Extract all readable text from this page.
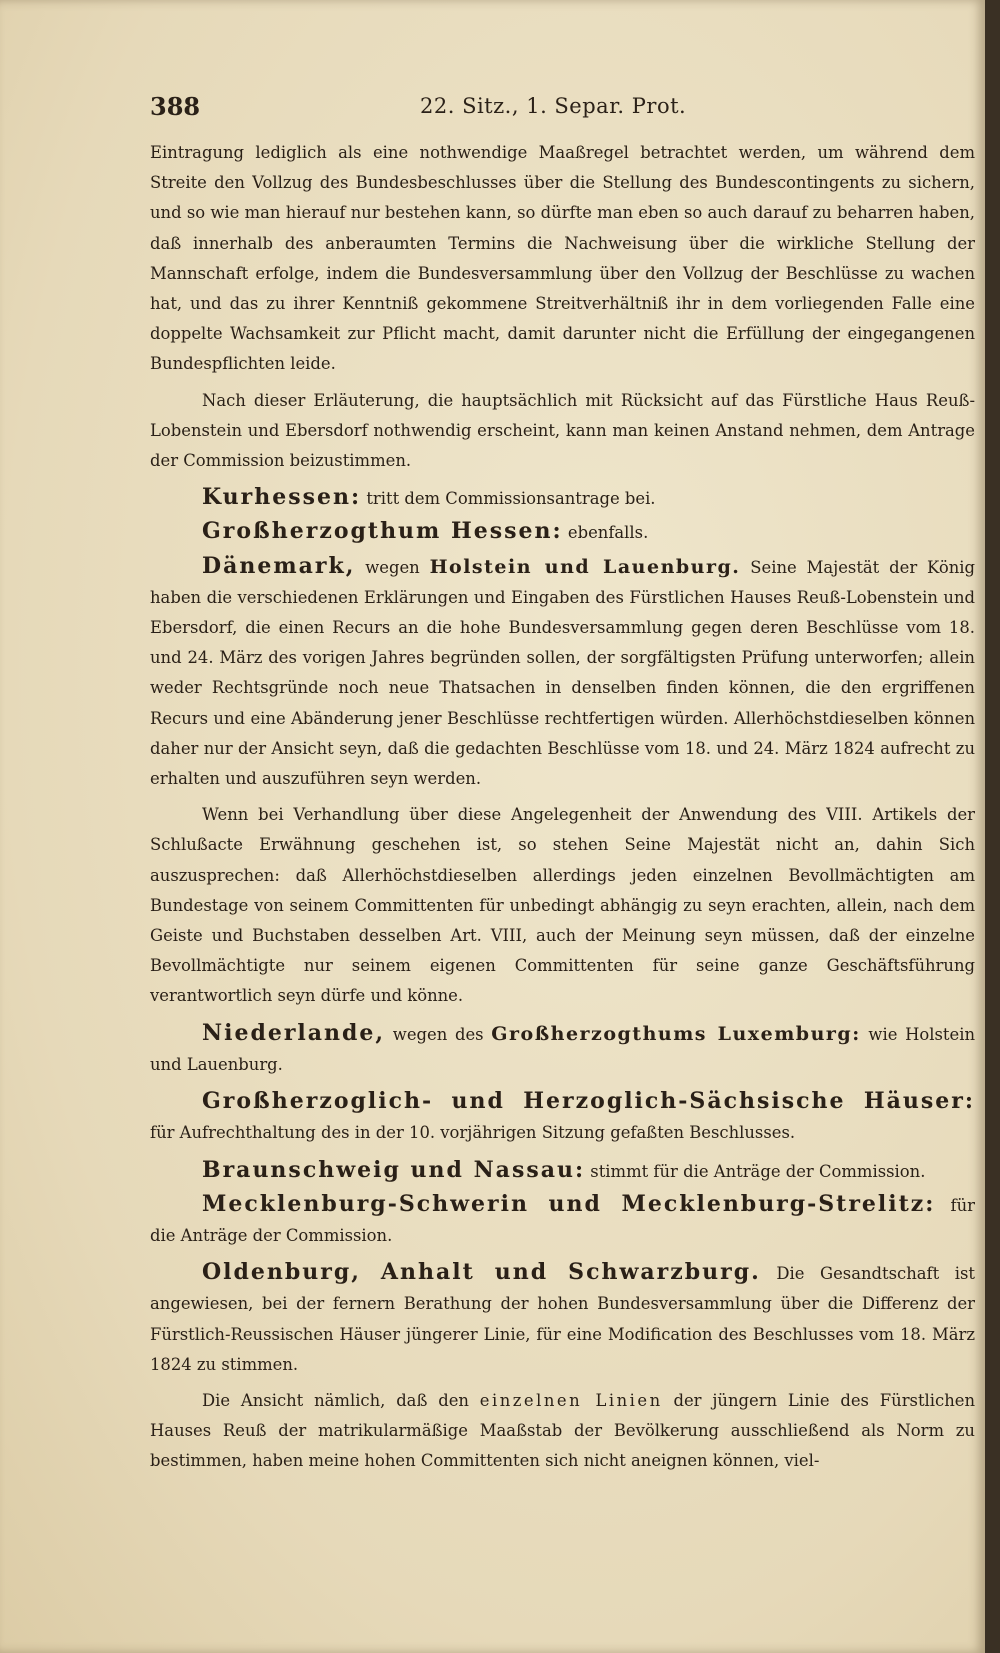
388	22. Sitz., 1. Separ. Prot.

Eintragung lediglich als eine nothwendige Maaßregel betrachtet werden, um während dem Streite den Vollzug des Bundesbeschlusses über die Stellung des Bundescontingents zu sichern, und so wie man hierauf nur bestehen kann, so dürfte man eben so auch darauf zu beharren haben, daß innerhalb des anberaumten Termins die Nachweisung über die wirkliche Stellung der Mannschaft erfolge, indem die Bundesversammlung über den Vollzug der Beschlüsse zu wachen hat, und das zu ihrer Kenntniß gekommene Streitverhältniß ihr in dem vorliegenden Falle eine doppelte Wachsamkeit zur Pflicht macht, damit darunter nicht die Erfüllung der eingegangenen Bundespflichten leide.

Nach dieser Erläuterung, die hauptsächlich mit Rücksicht auf das Fürstliche Haus Reuß-Lobenstein und Ebersdorf nothwendig erscheint, kann man keinen Anstand nehmen, dem Antrage der Commission beizustimmen.

Kurhessen: tritt dem Commissionsantrage bei.

Großherzogthum Hessen: ebenfalls.

Dänemark, wegen Holstein und Lauenburg. Seine Majestät der König haben die verschiedenen Erklärungen und Eingaben des Fürstlichen Hauses Reuß-Lobenstein und Ebersdorf, die einen Recurs an die hohe Bundesversammlung gegen deren Beschlüsse vom 18. und 24. März des vorigen Jahres begründen sollen, der sorgfältigsten Prüfung unterworfen; allein weder Rechtsgründe noch neue Thatsachen in denselben finden können, die den ergriffenen Recurs und eine Abänderung jener Beschlüsse rechtfertigen würden. Allerhöchstdieselben können daher nur der Ansicht seyn, daß die gedachten Beschlüsse vom 18. und 24. März 1824 aufrecht zu erhalten und auszuführen seyn werden.

Wenn bei Verhandlung über diese Angelegenheit der Anwendung des VIII. Artikels der Schlußacte Erwähnung geschehen ist, so stehen Seine Majestät nicht an, dahin Sich auszusprechen: daß Allerhöchstdieselben allerdings jeden einzelnen Bevollmächtigten am Bundestage von seinem Committenten für unbedingt abhängig zu seyn erachten, allein, nach dem Geiste und Buchstaben desselben Art. VIII, auch der Meinung seyn müssen, daß der einzelne Bevollmächtigte nur seinem eigenen Committenten für seine ganze Geschäftsführung verantwortlich seyn dürfe und könne.

Niederlande, wegen des Großherzogthums Luxemburg: wie Holstein und Lauenburg.

Großherzoglich- und Herzoglich-Sächsische Häuser: für Aufrechthaltung des in der 10. vorjährigen Sitzung gefaßten Beschlusses.

Braunschweig und Nassau: stimmt für die Anträge der Commission.

Mecklenburg-Schwerin und Mecklenburg-Strelitz: für die Anträge der Commission.

Oldenburg, Anhalt und Schwarzburg. Die Gesandtschaft ist angewiesen, bei der fernern Berathung der hohen Bundesversammlung über die Differenz der Fürstlich-Reussischen Häuser jüngerer Linie, für eine Modification des Beschlusses vom 18. März 1824 zu stimmen.

Die Ansicht nämlich, daß den einzelnen Linien der jüngern Linie des Fürstlichen Hauses Reuß der matrikularmäßige Maaßstab der Bevölkerung ausschließend als Norm zu bestimmen, haben meine hohen Committenten sich nicht aneignen können, viel-
